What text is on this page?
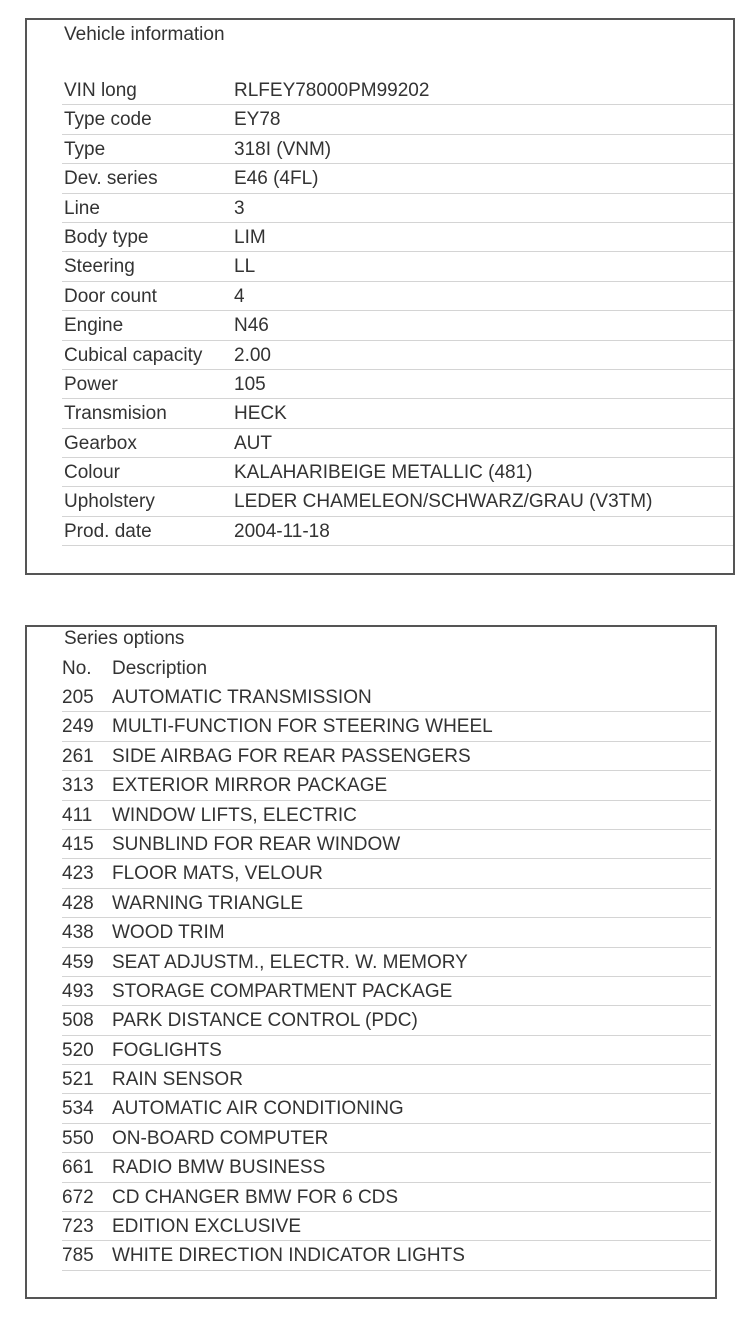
Vehicle information
VIN long	RLFEY78000PM99202
Type code	EY78
Type	318I (VNM)
Dev. series	E46 (4FL)
Line	3
Body type	LIM
Steering	LL
Door count	4
Engine	N46
Cubical capacity 2.00
Power	105
Transmision	HECK
Gearbox	AUT
Colour	KALAHARIBEIGE METALLIC (481)
Upholstery	LEDER CHAMELEON/SCHWARZ/GRAU (V3TM)
Prod. date	2004-11-18
Series options
No. Description
205 AUTOMATIC TRANSMISSION
249 MULTI-FUNCTION FOR STEERING WHEEL
261 SIDE AIRBAG FOR REAR PASSENGERS
313 EXTERIOR MIRROR PACKAGE
411 WINDOW LIFTS, ELECTRIC
415 SUNBLIND FOR REAR WINDOW
423 FLOOR MATS, VELOUR
428 WARNING TRIANGLE
438 WOOD TRIM
459 SEAT ADJUSTM., ELECTR. W. MEMORY
493 STORAGE COMPARTMENT PACKAGE
508 PARK DISTANCE CONTROL (PDC)
520 FOGLIGHTS
521 RAIN SENSOR
534 AUTOMATIC AIR CONDITIONING
550 ON-BOARD COMPUTER
661 RADIO BMW BUSINESS
672 CD CHANGER BMW FOR 6 CDS
723 EDITION EXCLUSIVE
785 WHITE DIRECTION INDICATOR LIGHTS
